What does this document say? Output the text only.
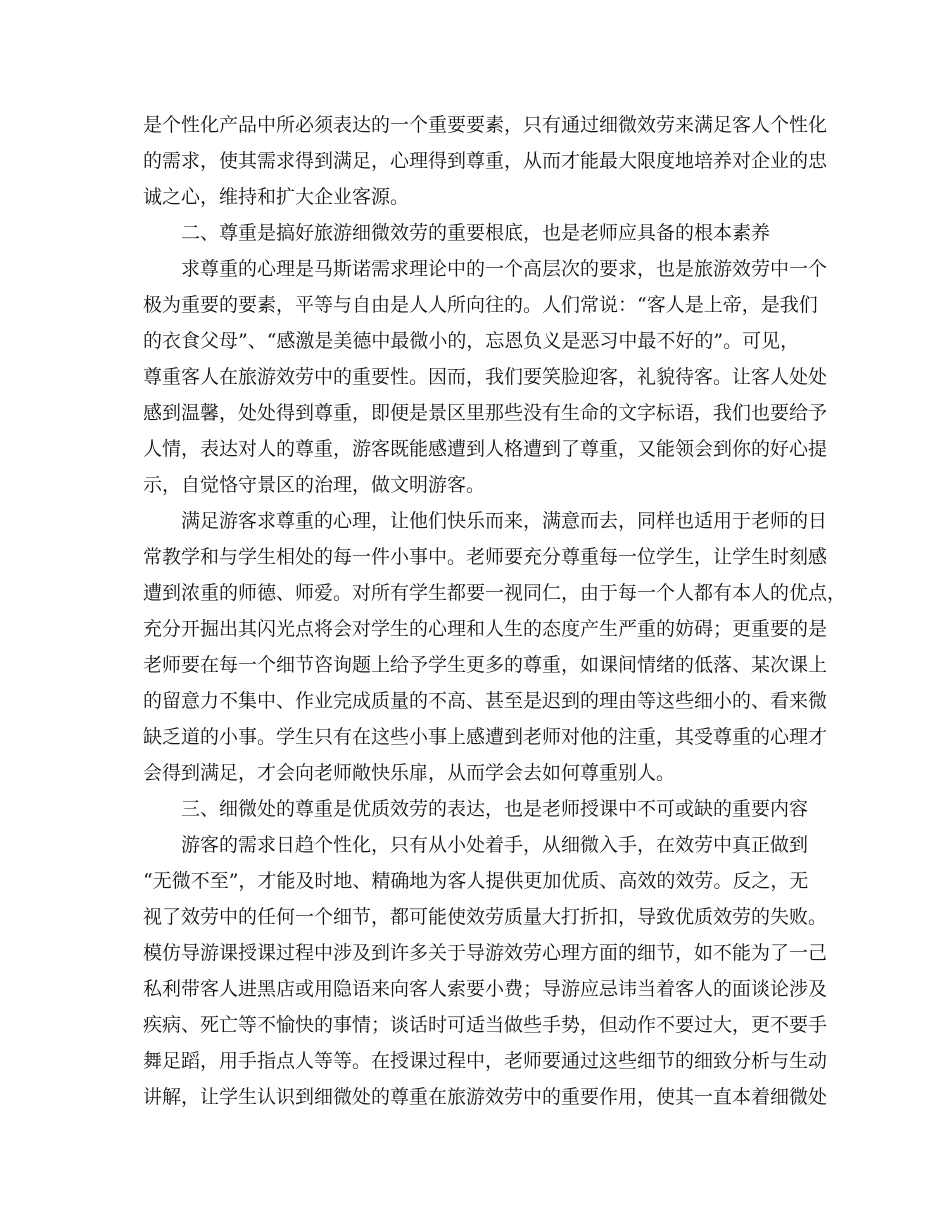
是个性化产品中所必须表达的一个重要要素，只有通过细微效劳来满足客人个性化
的需求，使其需求得到满足，心理得到尊重，从而才能最大限度地培养对企业的忠
诚之心，维持和扩大企业客源。
二、尊重是搞好旅游细微效劳的重要根底，也是老师应具备的根本素养
求尊重的心理是马斯诺需求理论中的一个高层次的要求，也是旅游效劳中一个
极为重要的要素，平等与自由是人人所向往的。人们常说：“客人是上帝，是我们
的衣食父母”、“感激是美德中最微小的，忘恩负义是恶习中最不好的”。可见，
尊重客人在旅游效劳中的重要性。因而，我们要笑脸迎客，礼貌待客。让客人处处
感到温馨，处处得到尊重，即便是景区里那些没有生命的文字标语，我们也要给予
人情，表达对人的尊重，游客既能感遭到人格遭到了尊重，又能领会到你的好心提
示，自觉恪守景区的治理，做文明游客。
满足游客求尊重的心理，让他们快乐而来，满意而去，同样也适用于老师的日
常教学和与学生相处的每一件小事中。老师要充分尊重每一位学生，让学生时刻感
遭到浓重的师德、师爱。对所有学生都要一视同仁，由于每一个人都有本人的优点，
充分开掘出其闪光点将会对学生的心理和人生的态度产生严重的妨碍；更重要的是
老师要在每一个细节咨询题上给予学生更多的尊重，如课间情绪的低落、某次课上
的留意力不集中、作业完成质量的不高、甚至是迟到的理由等这些细小的、看来微
缺乏道的小事。学生只有在这些小事上感遭到老师对他的注重，其受尊重的心理才
会得到满足，才会向老师敞快乐扉，从而学会去如何尊重别人。
三、细微处的尊重是优质效劳的表达，也是老师授课中不可或缺的重要内容
游客的需求日趋个性化，只有从小处着手，从细微入手，在效劳中真正做到
“无微不至”，才能及时地、精确地为客人提供更加优质、高效的效劳。反之，无
视了效劳中的任何一个细节，都可能使效劳质量大打折扣，导致优质效劳的失败。
模仿导游课授课过程中涉及到许多关于导游效劳心理方面的细节，如不能为了一己
私利带客人进黑店或用隐语来向客人索要小费；导游应忌讳当着客人的面谈论涉及
疾病、死亡等不愉快的事情；谈话时可适当做些手势，但动作不要过大，更不要手
舞足蹈，用手指点人等等。在授课过程中，老师要通过这些细节的细致分析与生动
讲解，让学生认识到细微处的尊重在旅游效劳中的重要作用，使其一直本着细微处
